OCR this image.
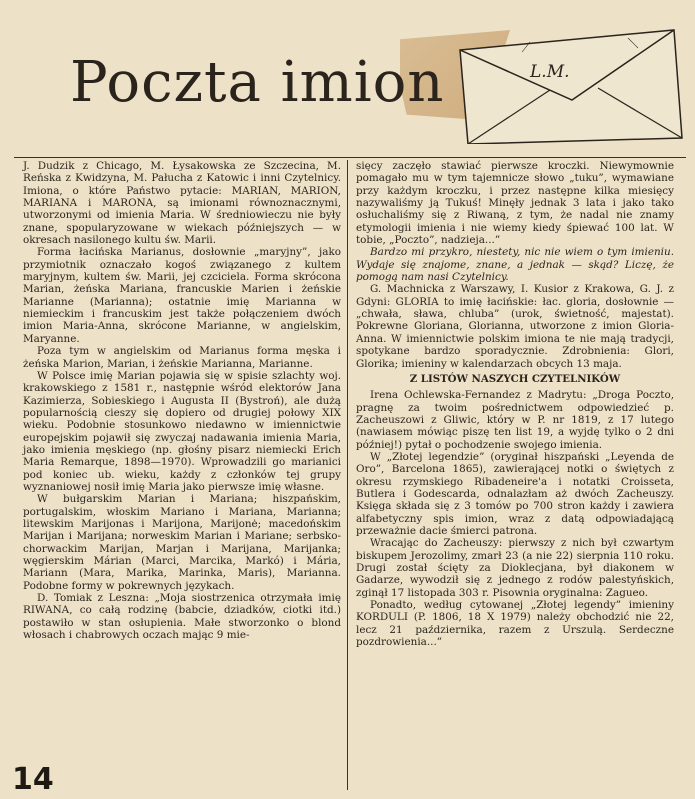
Poczta imion	L.M.

J. Dudzik z Chicago, M. Łysakowska ze Szczecina, M. Reńska z Kwidzyna, M. Pałucha z Katowic i inni Czytelnicy. Imiona, o które Państwo pytacie: MARIAN, MARION, MARIANA i MARONA, są imionami równoznacznymi, utworzonymi od imienia Maria. W średniowieczu nie były znane, spopularyzowane w wiekach późniejszych — w okresach nasilonego kultu św. Marii.

Forma łacińska Marianus, dosłownie „maryjny”, jako przymiotnik oznaczało kogoś związanego z kultem maryjnym, kultem św. Marii, jej czciciela. Forma skrócona Marian, żeńska Mariana, francuskie Marien i żeńskie Marianne (Marianna); ostatnie imię Marianna w niemieckim i francuskim jest także połączeniem dwóch imion Maria-Anna, skrócone Marianne, w angielskim, Maryanne.

Poza tym w angielskim od Marianus forma męska i żeńska Marion, Marian, i żeńskie Marianna, Marianne.

W Polsce imię Marian pojawia się w spisie szlachty woj. krakowskiego z 1581 r., następnie wśród elektorów Jana Kazimierza, Sobieskiego i Augusta II (Bystroń), ale dużą popularnością cieszy się dopiero od drugiej połowy XIX wieku. Podobnie stosunkowo niedawno w imiennictwie europejskim pojawił się zwyczaj nadawania imienia Maria, jako imienia męskiego (np. głośny pisarz niemiecki Erich Maria Remarque, 1898—1970). Wprowadzili go marianici pod koniec ub. wieku, każdy z członków tej grupy wyznaniowej nosił imię Maria jako pierwsze imię własne.

W bułgarskim Marian i Mariana; hiszpańskim, portugalskim, włoskim Mariano i Mariana, Marianna; litewskim Marijonas i Marijona, Marijonė; macedońskim Marijan i Marijana; norweskim Marian i Marianе; serbsko-chorwackim Marijan, Marjan i Marijana, Marijanka; węgierskim Márian (Marci, Marcika, Markó) i Mária, Mariann (Mara, Marika, Marinka, Maris), Marianna. Podobne formy w pokrewnych językach.

D. Tomiak z Leszna: „Moja siostrzenica otrzymała imię RIWANA, co całą rodzinę (babcie, dziadków, ciotki itd.) postawiło w stan osłupienia. Małe stworzonko o blond włosach i chabrowych oczach mając 9 mie-

sięcy zaczęło stawiać pierwsze kroczki. Niewymownie pomagało mu w tym tajemnicze słowo „tuku”, wymawiane przy każdym kroczku, i przez następne kilka miesięcy nazywaliśmy ją Tukuś! Minęły jednak 3 lata i jako tako osłuchaliśmy się z Riwaną, z tym, że nadal nie znamy etymologii imienia i nie wiemy kiedy śpiewać 100 lat. W tobie, „Poczto”, nadzieja...”

Bardzo mi przykro, niestety, nic nie wiem o tym imieniu. Wydaje się znajome, znane, a jednak — skąd? Liczę, że pomogą nam nasi Czytelnicy.

G. Machnicka z Warszawy, I. Kusior z Krakowa, G. J. z Gdyni: GLORIA to imię łacińskie: łac. gloria, dosłownie — „chwała, sława, chluba” (urok, świetność, majestat). Pokrewne Gloriana, Glorianna, utworzone z imion Gloria-Anna. W imiennictwie polskim imiona te nie mają tradycji, spotykane bardzo sporadycznie. Zdrobnienia: Glori, Glorika; imieniny w kalendarzach obcych 13 maja.

Z LISTÓW NASZYCH CZYTELNIKÓW

Irena Ochlewska-Fernandez z Madrytu: „Droga Poczto, pragnę za twoim pośrednictwem odpowiedzieć p. Zacheuszowi z Gliwic, który w P. nr 1819, z 17 lutego (nawiasem mówiąc piszę ten list 19, a wyjdę tylko o 2 dni później!) pytał o pochodzenie swojego imienia.

W „Złotej legendzie” (oryginał hiszpański „Leyenda de Oro”, Barcelona 1865), zawierającej notki o świętych z okresu rzymskiego Ribadeneire'a i notatki Croisseta, Butlera i Godescarda, odnalazłam aż dwóch Zacheuszy. Księga składa się z 3 tomów po 700 stron każdy i zawiera alfabetyczny spis imion, wraz z datą odpowiadającą przeważnie dacie śmierci patrona.

Wracając do Zacheuszy: pierwszy z nich był czwartym biskupem Jerozolimy, zmarł 23 (a nie 22) sierpnia 110 roku. Drugi został ścięty za Dioklecjana, był diakonem w Gadarze, wywodził się z jednego z rodów palestyńskich, zginął 17 listopada 303 r. Pisownia oryginalna: Zagueo.

Ponadto, według cytowanej „Złotej legendy” imieniny KORDULI (P. 1806, 18 X 1979) należy obchodzić nie 22, lecz 21 października, razem z Urszulą. Serdeczne pozdrowienia...”

14
